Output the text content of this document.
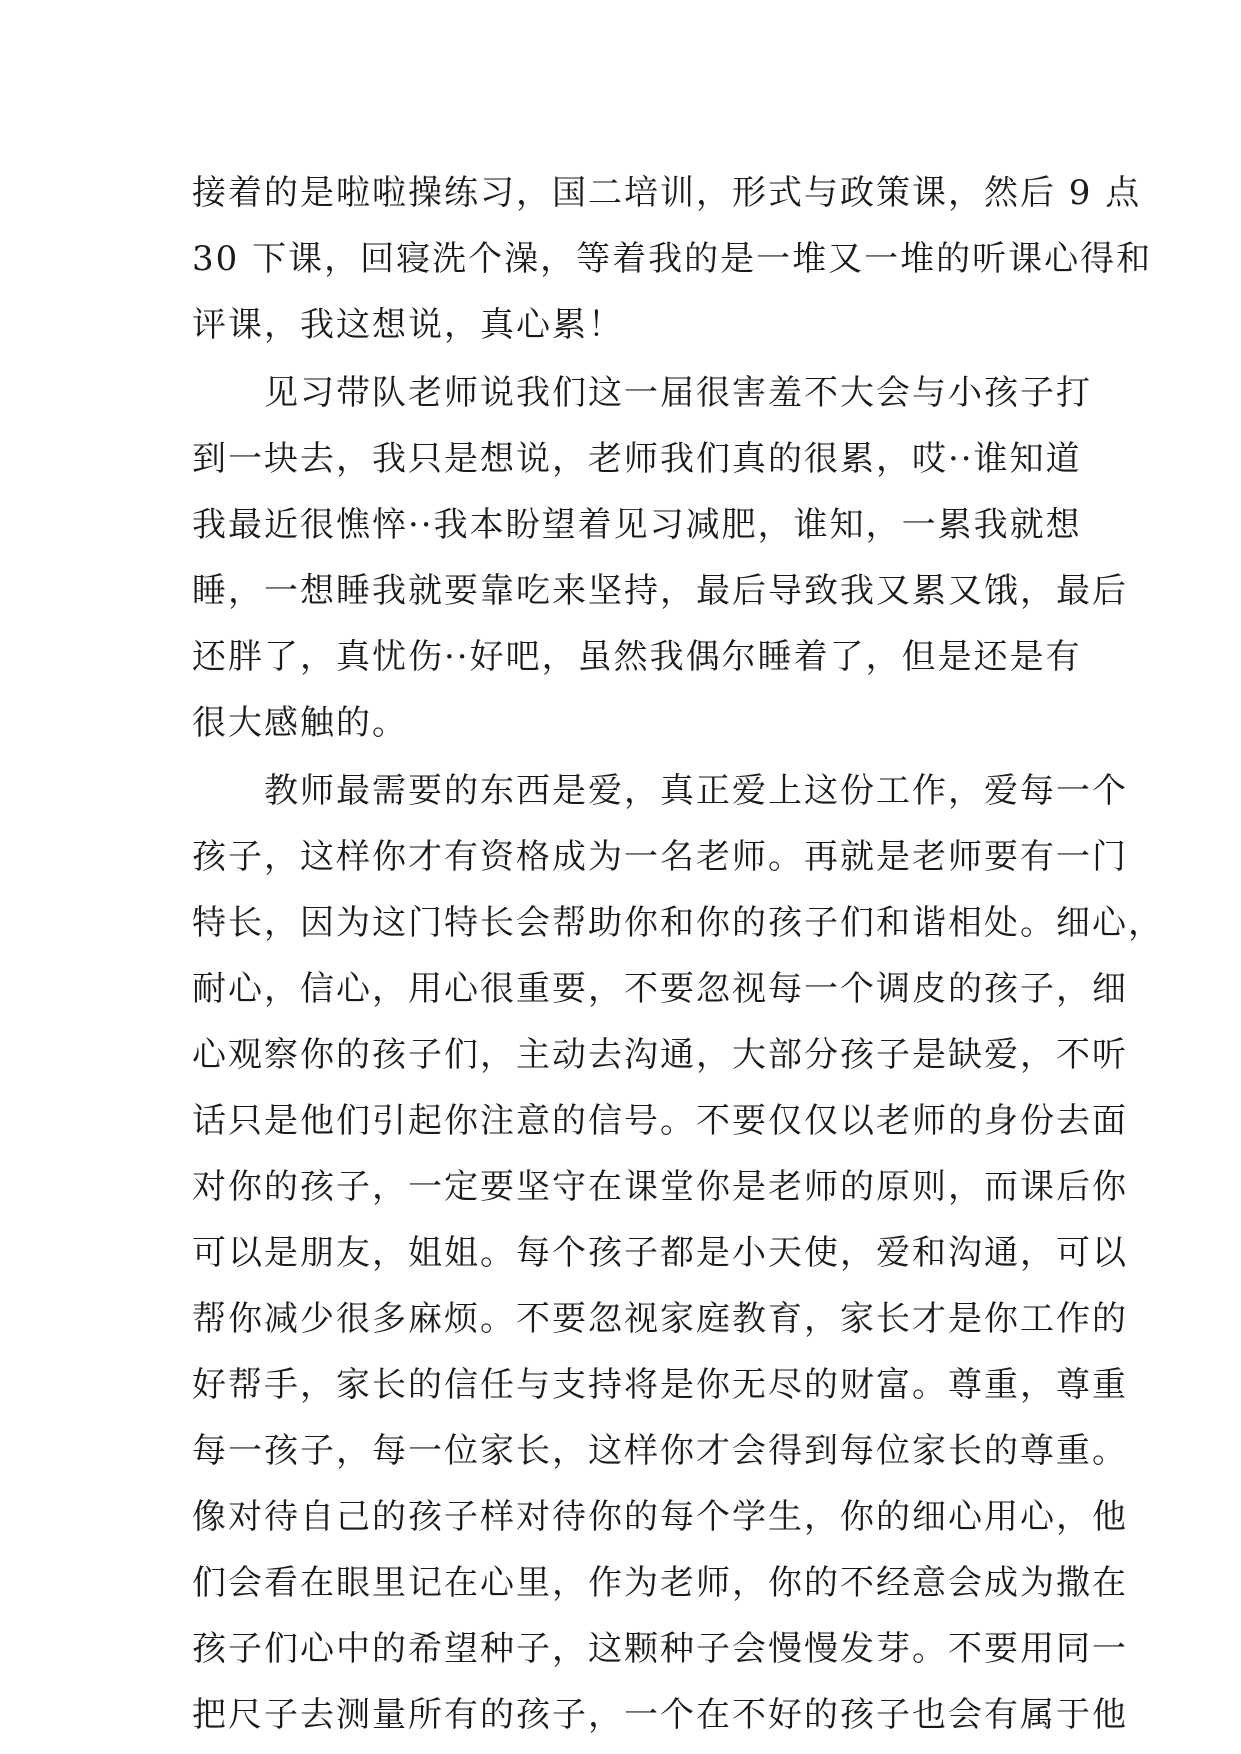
接着的是啦啦操练习，国二培训，形式与政策课，然后 9 点
30 下课，回寝洗个澡，等着我的是一堆又一堆的听课心得和
评课，我这想说，真心累！
　　见习带队老师说我们这一届很害羞不大会与小孩子打
到一块去，我只是想说，老师我们真的很累，哎··谁知道
我最近很憔悴··我本盼望着见习减肥，谁知，一累我就想
睡，一想睡我就要靠吃来坚持，最后导致我又累又饿，最后
还胖了，真忧伤··好吧，虽然我偶尔睡着了，但是还是有
很大感触的。
　　教师最需要的东西是爱，真正爱上这份工作，爱每一个
孩子，这样你才有资格成为一名老师。再就是老师要有一门
特长，因为这门特长会帮助你和你的孩子们和谐相处。细心，
耐心，信心，用心很重要，不要忽视每一个调皮的孩子，细
心观察你的孩子们，主动去沟通，大部分孩子是缺爱，不听
话只是他们引起你注意的信号。不要仅仅以老师的身份去面
对你的孩子，一定要坚守在课堂你是老师的原则，而课后你
可以是朋友，姐姐。每个孩子都是小天使，爱和沟通，可以
帮你减少很多麻烦。不要忽视家庭教育，家长才是你工作的
好帮手，家长的信任与支持将是你无尽的财富。尊重，尊重
每一孩子，每一位家长，这样你才会得到每位家长的尊重。
像对待自己的孩子样对待你的每个学生，你的细心用心，他
们会看在眼里记在心里，作为老师，你的不经意会成为撒在
孩子们心中的希望种子，这颗种子会慢慢发芽。不要用同一
把尺子去测量所有的孩子，一个在不好的孩子也会有属于他
